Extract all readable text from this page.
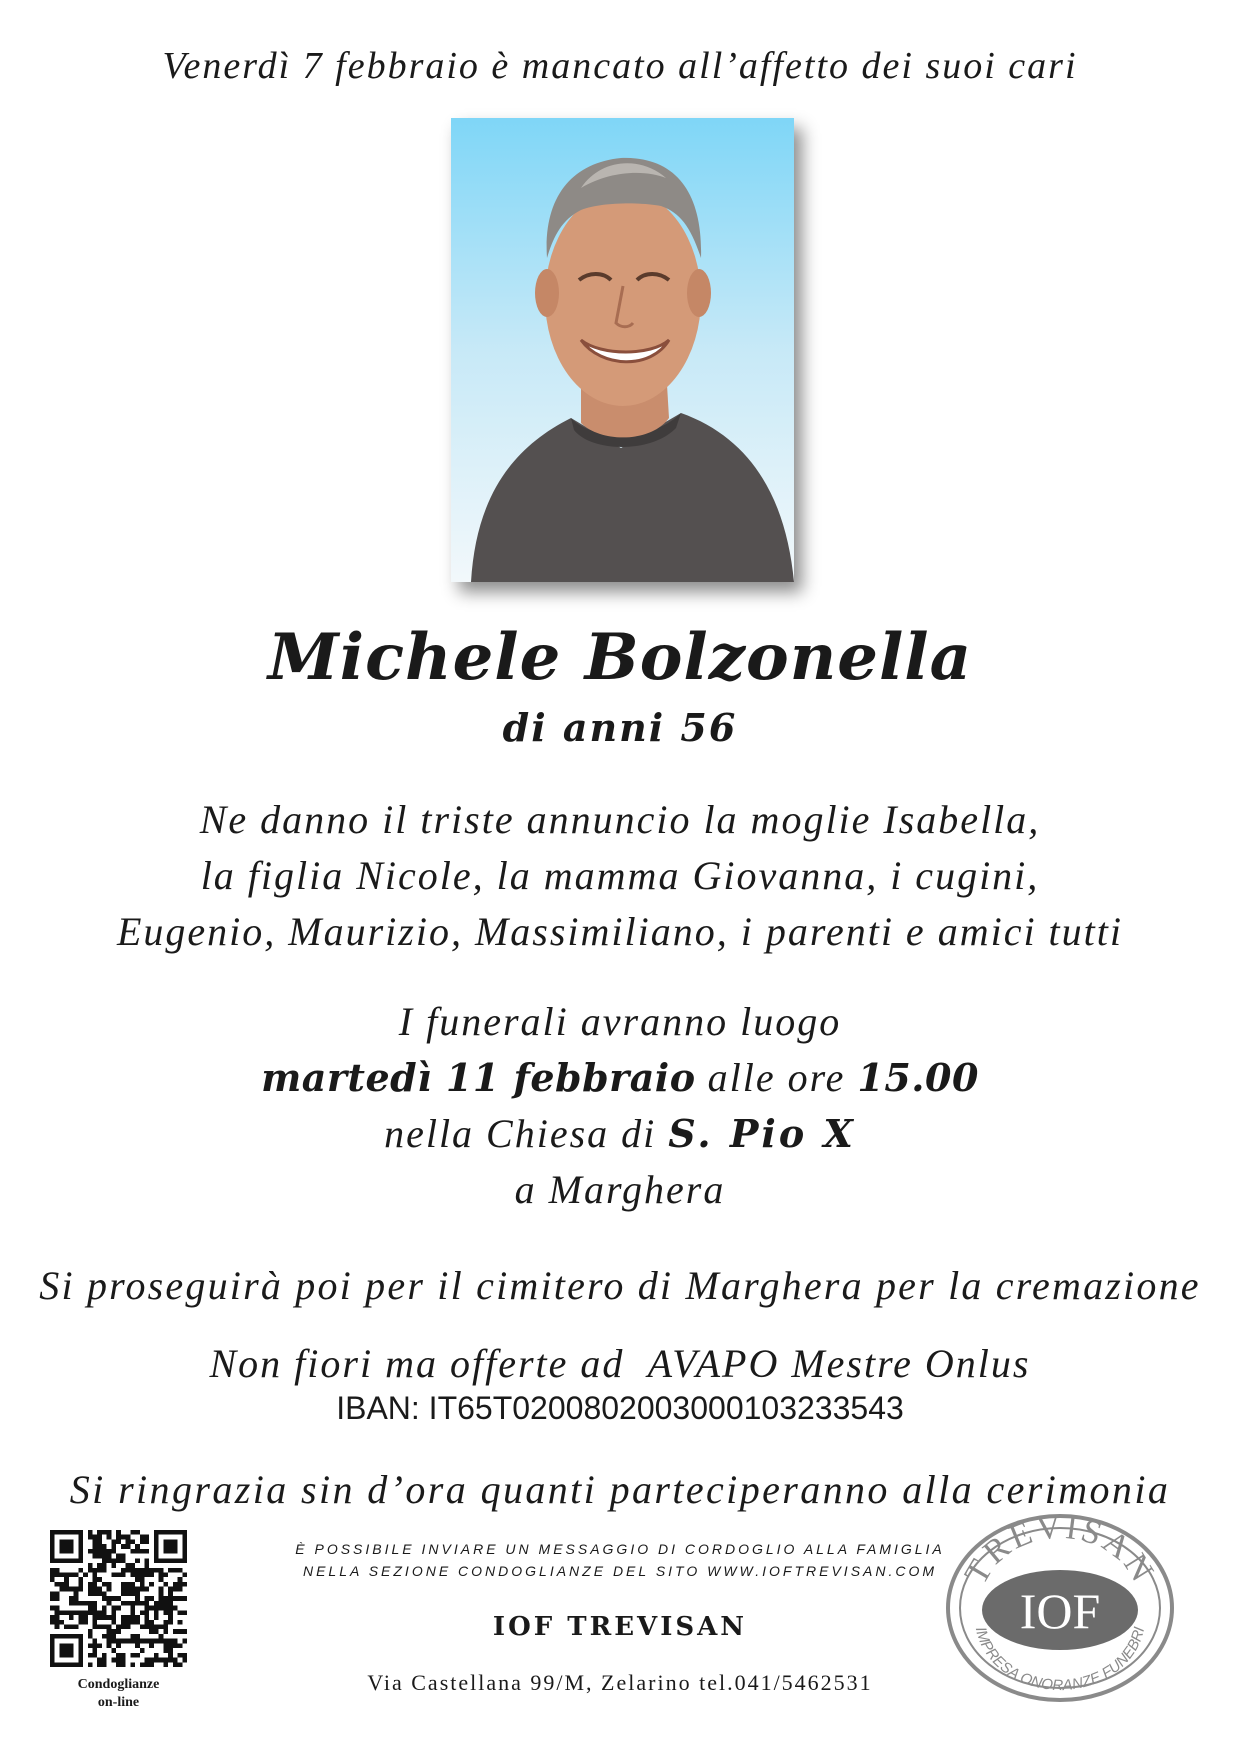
Venerdì 7 febbraio è mancato all’affetto dei suoi cari
Michele Bolzonella
di anni 56
Ne danno il triste annuncio la moglie Isabella,
la figlia Nicole, la mamma Giovanna, i cugini,
Eugenio, Maurizio, Massimiliano, i parenti e amici tutti
I funerali avranno luogo
martedì 11 febbraio alle ore 15.00
nella Chiesa di S. Pio X
a Marghera
Si proseguirà poi per il cimitero di Marghera per la cremazione
Non fiori ma offerte ad  AVAPO Mestre Onlus
IBAN: IT65T0200802003000103233543
Si ringrazia sin d’ora quanti parteciperanno alla cerimonia
Condoglianze
on-line
È POSSIBILE INVIARE UN MESSAGGIO DI CORDOGLIO ALLA FAMIGLIA
NELLA SEZIONE CONDOGLIANZE DEL SITO WWW.IOFTREVISAN.COM
IOF TREVISAN
Via Castellana 99/M, Zelarino tel.041/5462531
TREVISAN
IOF
IMPRESA ONORANZE FUNEBRI
